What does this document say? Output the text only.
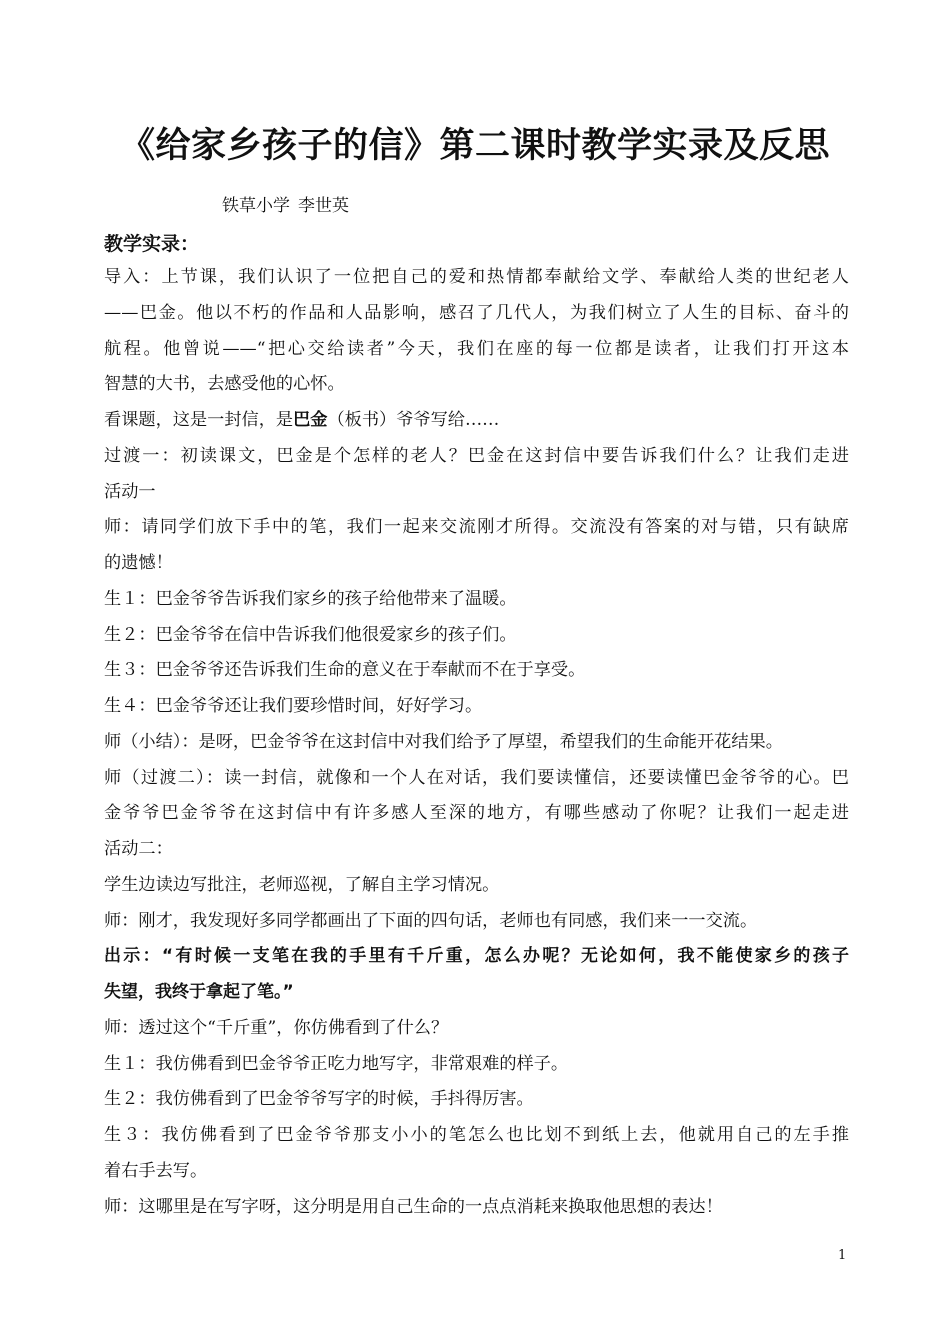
《给家乡孩子的信》第二课时教学实录及反思
铁草小学 李世英
教学实录：
导入：上节课，我们认识了一位把自己的爱和热情都奉献给文学、奉献给人类的世纪老人
——巴金。他以不朽的作品和人品影响，感召了几代人，为我们树立了人生的目标、奋斗的
航程。他曾说——“把心交给读者”今天，我们在座的每一位都是读者，让我们打开这本
智慧的大书，去感受他的心怀。
看课题，这是一封信，是巴金（板书）爷爷写给……
过渡一：初读课文，巴金是个怎样的老人？巴金在这封信中要告诉我们什么？让我们走进
活动一
师：请同学们放下手中的笔，我们一起来交流刚才所得。交流没有答案的对与错，只有缺席
的遗憾！
生１：巴金爷爷告诉我们家乡的孩子给他带来了温暖。
生２：巴金爷爷在信中告诉我们他很爱家乡的孩子们。
生３：巴金爷爷还告诉我们生命的意义在于奉献而不在于享受。
生４：巴金爷爷还让我们要珍惜时间，好好学习。
师（小结）：是呀，巴金爷爷在这封信中对我们给予了厚望，希望我们的生命能开花结果。
师（过渡二）：读一封信，就像和一个人在对话，我们要读懂信，还要读懂巴金爷爷的心。巴
金爷爷巴金爷爷在这封信中有许多感人至深的地方，有哪些感动了你呢？让我们一起走进
活动二：
学生边读边写批注，老师巡视，了解自主学习情况。
师：刚才，我发现好多同学都画出了下面的四句话，老师也有同感，我们来一一交流。
出示：“有时候一支笔在我的手里有千斤重，怎么办呢？无论如何，我不能使家乡的孩子
失望，我终于拿起了笔。”
师：透过这个“千斤重”，你仿佛看到了什么？
生１：我仿佛看到巴金爷爷正吃力地写字，非常艰难的样子。
生２：我仿佛看到了巴金爷爷写字的时候，手抖得厉害。
生３：我仿佛看到了巴金爷爷那支小小的笔怎么也比划不到纸上去，他就用自己的左手推
着右手去写。
师：这哪里是在写字呀，这分明是用自己生命的一点点消耗来换取他思想的表达！
1
